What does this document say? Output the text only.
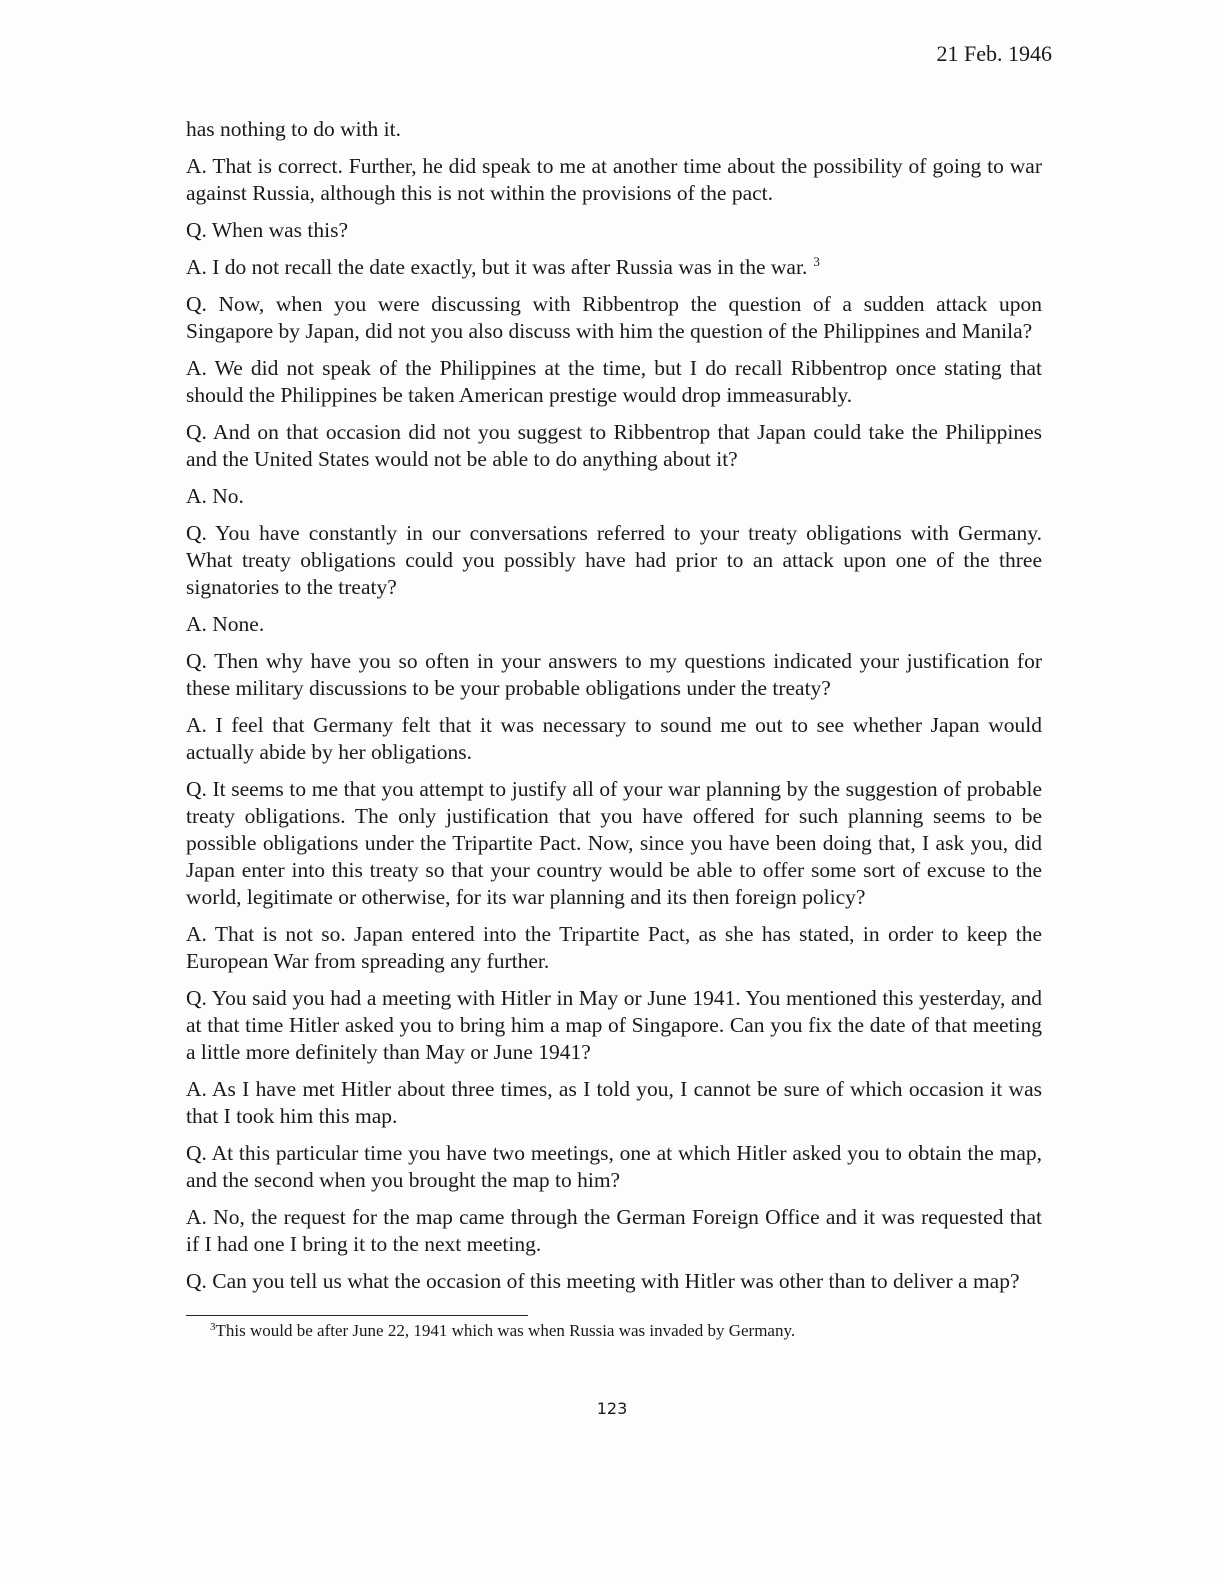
21 Feb. 1946

has nothing to do with it.

A. That is correct. Further, he did speak to me at another time about the possibility of going to war against Russia, although this is not within the provisions of the pact.

Q. When was this?

A. I do not recall the date exactly, but it was after Russia was in the war. $^3$

Q. Now, when you were discussing with Ribbentrop the question of a sudden attack upon Singapore by Japan, did not you also discuss with him the question of the Philippines and Manila?

A. We did not speak of the Philippines at the time, but I do recall Ribbentrop once stating that should the Philippines be taken American prestige would drop immeasurably.

Q. And on that occasion did not you suggest to Ribbentrop that Japan could take the Philippines and the United States would not be able to do anything about it?

A. No.

Q. You have constantly in our conversations referred to your treaty obligations with Germany. What treaty obligations could you possibly have had prior to an attack upon one of the three signatories to the treaty?

A. None.

Q. Then why have you so often in your answers to my questions indicated your justification for these military discussions to be your probable obligations under the treaty?

A. I feel that Germany felt that it was necessary to sound me out to see whether Japan would actually abide by her obligations.

Q. It seems to me that you attempt to justify all of your war planning by the suggestion of probable treaty obligations. The only justification that you have offered for such planning seems to be possible obligations under the Tripartite Pact. Now, since you have been doing that, I ask you, did Japan enter into this treaty so that your country would be able to offer some sort of excuse to the world, legitimate or otherwise, for its war planning and its then foreign policy?

A. That is not so. Japan entered into the Tripartite Pact, as she has stated, in order to keep the European War from spreading any further.

Q. You said you had a meeting with Hitler in May or June 1941. You mentioned this yesterday, and at that time Hitler asked you to bring him a map of Singapore. Can you fix the date of that meeting a little more definitely than May or June 1941?

A. As I have met Hitler about three times, as I told you, I cannot be sure of which occasion it was that I took him this map.

Q. At this particular time you have two meetings, one at which Hitler asked you to obtain the map, and the second when you brought the map to him?

A. No, the request for the map came through the German Foreign Office and it was requested that if I had one I bring it to the next meeting.

Q. Can you tell us what the occasion of this meeting with Hitler was other than to deliver a map?

$^3$This would be after June 22, 1941 which was when Russia was invaded by Germany.
123
